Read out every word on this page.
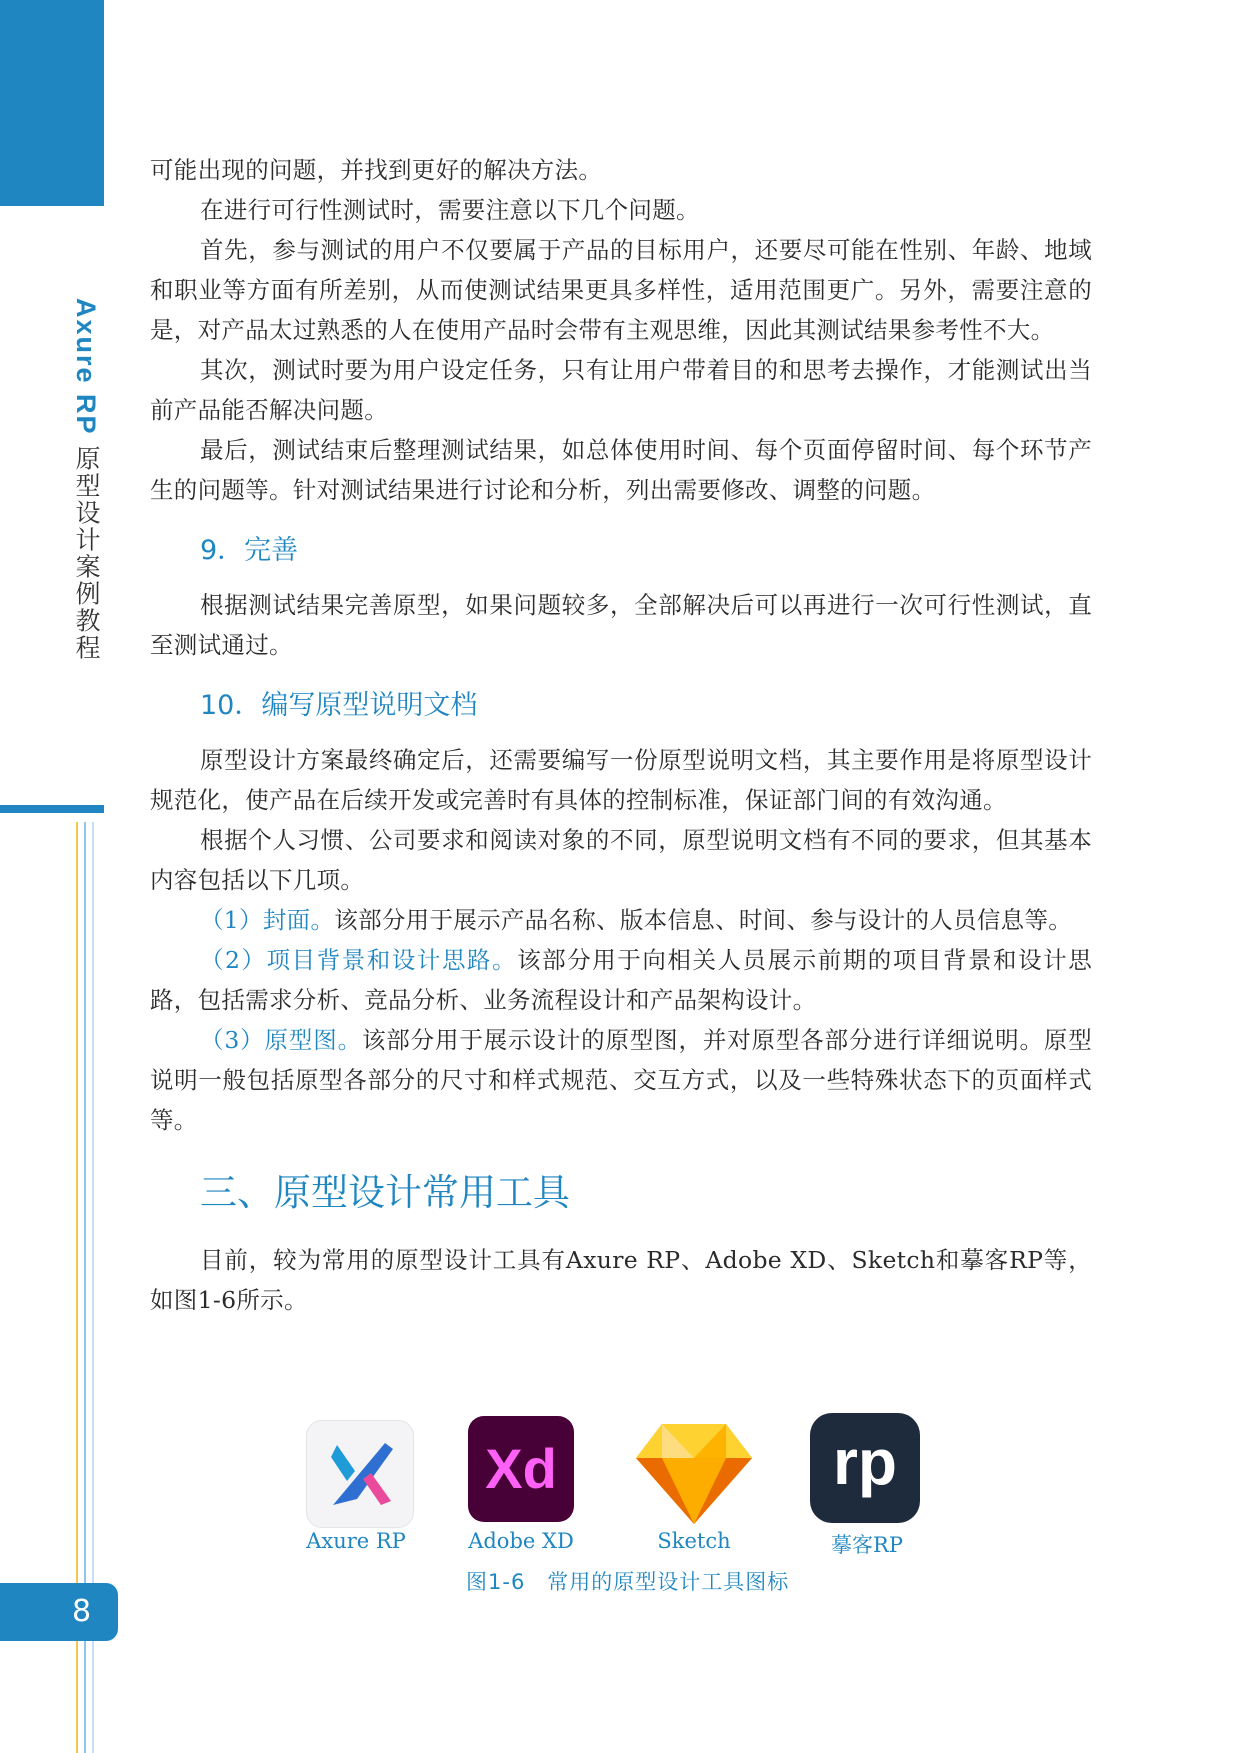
Axure RP 原型设计案例教程
8

可能出现的问题，并找到更好的解决方法。

在进行可行性测试时，需要注意以下几个问题。

首先，参与测试的用户不仅要属于产品的目标用户，还要尽可能在性别、年龄、地域和职业等方面有所差别，从而使测试结果更具多样性，适用范围更广。另外，需要注意的是，对产品太过熟悉的人在使用产品时会带有主观思维，因此其测试结果参考性不大。

其次，测试时要为用户设定任务，只有让用户带着目的和思考去操作，才能测试出当前产品能否解决问题。

最后，测试结束后整理测试结果，如总体使用时间、每个页面停留时间、每个环节产生的问题等。针对测试结果进行讨论和分析，列出需要修改、调整的问题。

9．完善

根据测试结果完善原型，如果问题较多，全部解决后可以再进行一次可行性测试，直至测试通过。

10．编写原型说明文档

原型设计方案最终确定后，还需要编写一份原型说明文档，其主要作用是将原型设计规范化，使产品在后续开发或完善时有具体的控制标准，保证部门间的有效沟通。

根据个人习惯、公司要求和阅读对象的不同，原型说明文档有不同的要求，但其基本内容包括以下几项。

（1）封面。该部分用于展示产品名称、版本信息、时间、参与设计的人员信息等。

（2）项目背景和设计思路。该部分用于向相关人员展示前期的项目背景和设计思路，包括需求分析、竞品分析、业务流程设计和产品架构设计。

（3）原型图。该部分用于展示设计的原型图，并对原型各部分进行详细说明。原型说明一般包括原型各部分的尺寸和样式规范、交互方式，以及一些特殊状态下的页面样式等。

三、原型设计常用工具

目前，较为常用的原型设计工具有Axure RP、Adobe XD、Sketch和摹客RP等，如图1-6所示。

Axure RP
Xd
Adobe XD	Sketch
rp
摹客RP
图1-6　常用的原型设计工具图标
